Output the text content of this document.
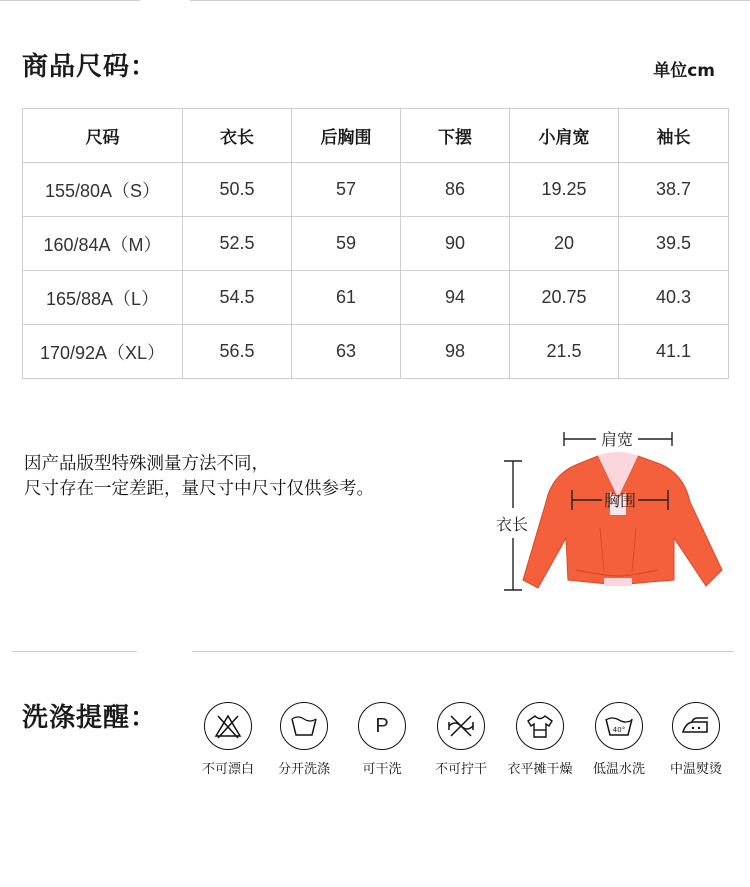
商品尺码：	单位cm
尺码	衣长	后胸围	下摆	小肩宽	袖长
155/80A（S）	50.5	57	86	19.25	38.7
160/84A（M）	52.5	59	90	20	39.5
165/88A（L）	54.5	61	94	20.75	40.3
170/92A（XL）	56.5	63	98	21.5	41.1
因产品版型特殊测量方法不同，
尺寸存在一定差距，量尺寸中尺寸仅供参考。
肩宽
衣长
胸围
洗涤提醒：
不可漂白	分开洗涤
P
可干洗	不可拧干	衣平摊干燥
40°
低温水洗	中温熨烫
